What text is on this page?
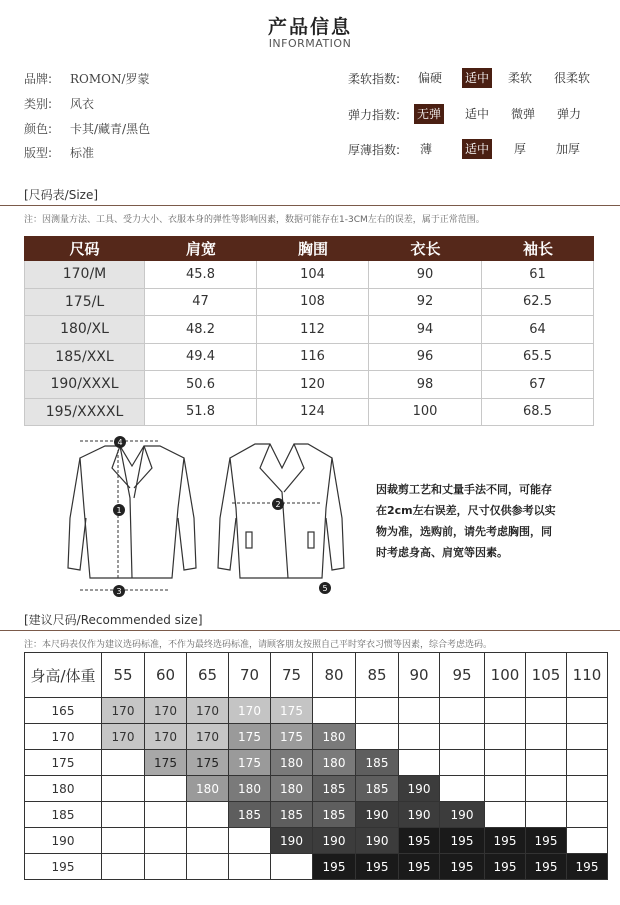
产品信息
INFORMATION
品牌: ROMON/罗蒙
类别: 风衣
颜色: 卡其/藏青/黑色
版型: 标准
柔软指数: 偏硬 适中 柔软 很柔软
弹力指数: 无弹 适中 微弹 弹力
厚薄指数: 薄	适中 厚 加厚
[尺码表/Size]
注：因测量方法、工具、受力大小、衣服本身的弹性等影响因素，数据可能存在1-3CM左右的误差，属于正常范围。
尺码	肩宽	胸围	衣长	袖长
170/M	45.8	104	90	61
175/L	47	108	92	62.5
180/XL	48.2	112	94	64
185/XXL	49.4	116	96	65.5
190/XXXL	50.6	120	98	67
195/XXXXL	51.8	124	100	68.5
4
1
3
2
5
因裁剪工艺和丈量手法不同，可能存在2cm左右误差，尺寸仅供参考以实物为准，选购前，请先考虑胸围，同时考虑身高、肩宽等因素。
[建议尺码/Recommended size]
注：本尺码表仅作为建议选码标准，不作为最终选码标准，请顾客朋友按照自己平时穿衣习惯等因素，综合考虑选码。
身高/体重	55	60	65	70	75	80	85	90	95	100	105	110
165	170	170	170	170	175							
170	170	170	170	175	175	180						
175		175	175	175	180	180	185					
180			180	180	180	185	185	190				
185				185	185	185	190	190	190			
190					190	190	190	195	195	195	195	
195						195	195	195	195	195	195	195
